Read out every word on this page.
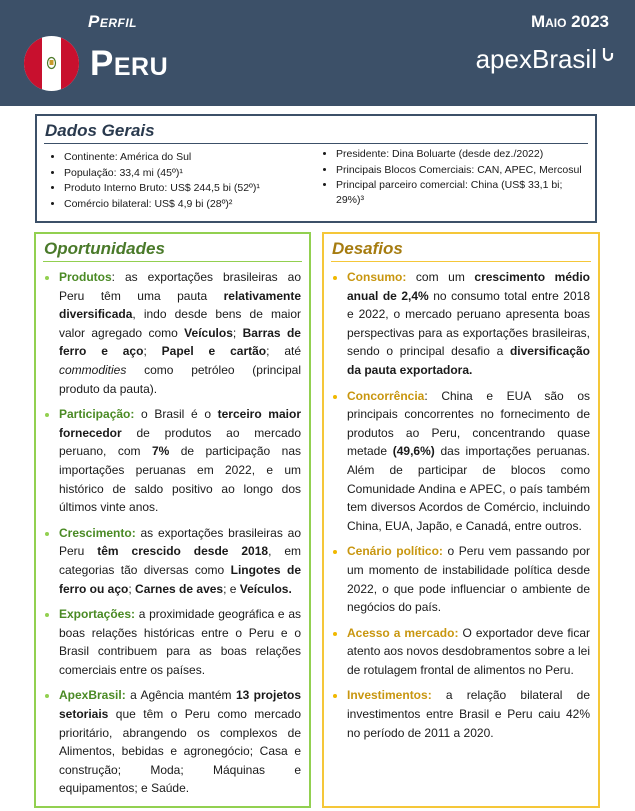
Perfil
Peru
Maio 2023
apexBrasil
Dados Gerais
• Continente: América do Sul
• População: 33,4 mi (45º)¹
• Produto Interno Bruto: US$ 244,5 bi (52º)¹
• Comércio bilateral: US$ 4,9 bi (28º)²
• Presidente: Dina Boluarte (desde dez./2022)
• Principais Blocos Comerciais: CAN, APEC, Mercosul
• Principal parceiro comercial: China (US$ 33,1 bi; 29%)³
Oportunidades
• Produtos: as exportações brasileiras ao Peru têm uma pauta relativamente diversificada, indo desde bens de maior valor agregado como Veículos; Barras de ferro e aço; Papel e cartão; até commodities como petróleo (principal produto da pauta).
• Participação: o Brasil é o terceiro maior fornecedor de produtos ao mercado peruano, com 7% de participação nas importações peruanas em 2022, e um histórico de saldo positivo ao longo dos últimos vinte anos.
• Crescimento: as exportações brasileiras ao Peru têm crescido desde 2018, em categorias tão diversas como Lingotes de ferro ou aço; Carnes de aves; e Veículos.
• Exportações: a proximidade geográfica e as boas relações históricas entre o Peru e o Brasil contribuem para as boas relações comerciais entre os países.
• ApexBrasil: a Agência mantém 13 projetos setoriais que têm o Peru como mercado prioritário, abrangendo os complexos de Alimentos, bebidas e agronegócio; Casa e construção; Moda; Máquinas e equipamentos; e Saúde.
Desafios
• Consumo: com um crescimento médio anual de 2,4% no consumo total entre 2018 e 2022, o mercado peruano apresenta boas perspectivas para as exportações brasileiras, sendo o principal desafio a diversificação da pauta exportadora.
• Concorrência: China e EUA são os principais concorrentes no fornecimento de produtos ao Peru, concentrando quase metade (49,6%) das importações peruanas. Além de participar de blocos como Comunidade Andina e APEC, o país também tem diversos Acordos de Comércio, incluindo China, EUA, Japão, e Canadá, entre outros.
• Cenário político: o Peru vem passando por um momento de instabilidade política desde 2022, o que pode influenciar o ambiente de negócios do país.
• Acesso a mercado: O exportador deve ficar atento aos novos desdobramentos sobre a lei de rotulagem frontal de alimentos no Peru.
• Investimentos: a relação bilateral de investimentos entre Brasil e Peru caiu 42% no período de 2011 a 2020.
